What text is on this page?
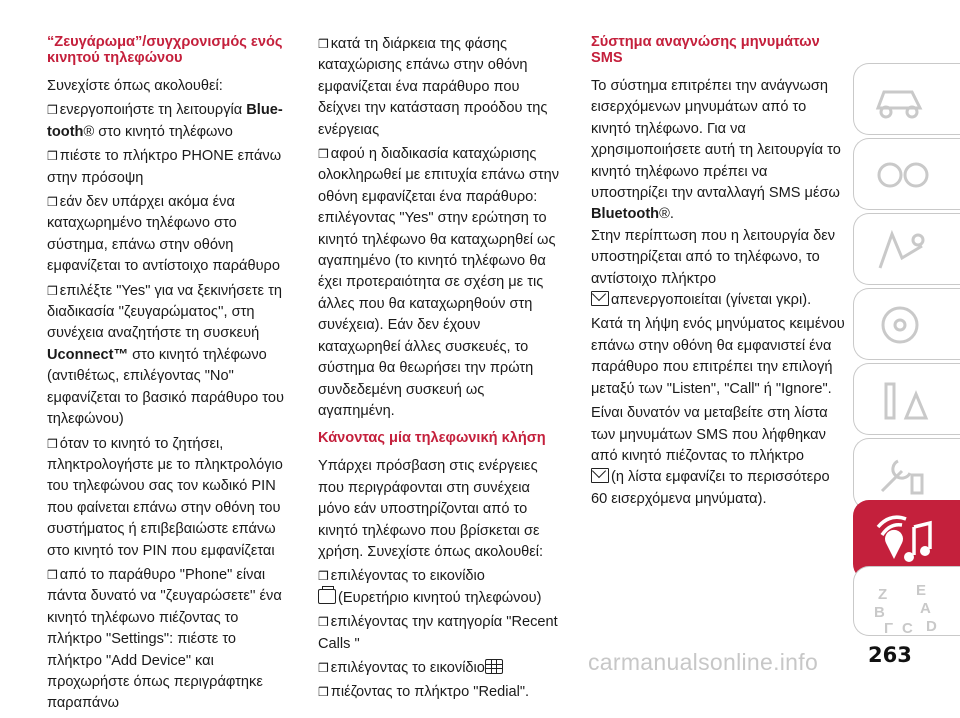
“Ζευγάρωμα”/συγχρονισμός ενός κινητού τηλεφώνου

Συνεχίστε όπως ακολουθεί:

❒ ενεργοποιήστε τη λειτουργία Blue-tooth® στο κινητό τηλέφωνο

❒ πιέστε το πλήκτρο PHONE επάνω στην πρόσοψη

❒ εάν δεν υπάρχει ακόμα ένα καταχωρημένο τηλέφωνο στο σύστημα, επάνω στην οθόνη εμφανίζεται το αντίστοιχο παράθυρο

❒ επιλέξτε "Yes" για να ξεκινήσετε τη διαδικασία ''ζευγαρώματος'', στη συνέχεια αναζητήστε τη συσκευή
Uconnect™ στο κινητό τηλέφωνο (αντιθέτως, επιλέγοντας "No" εμφανίζεται το βασικό παράθυρο του τηλεφώνου)

❒ όταν το κινητό το ζητήσει, πληκτρολογήστε με το πληκτρολόγιο του τηλεφώνου σας τον κωδικό PIN που φαίνεται επάνω στην οθόνη του συστήματος ή επιβεβαιώστε επάνω στο κινητό τον PIN που εμφανίζεται

❒ από το παράθυρο "Phone" είναι πάντα δυνατό να ''ζευγαρώσετε'' ένα κινητό τηλέφωνο πιέζοντας το πλήκτρο "Settings": πιέστε το πλήκτρο "Add Device" και προχωρήστε όπως περιγράφτηκε παραπάνω

❒ κατά τη διάρκεια της φάσης καταχώρισης επάνω στην οθόνη εμφανίζεται ένα παράθυρο που δείχνει την κατάσταση προόδου της ενέργειας

❒ αφού η διαδικασία καταχώρισης ολοκληρωθεί με επιτυχία επάνω στην οθόνη εμφανίζεται ένα παράθυρο: επιλέγοντας "Yes" στην ερώτηση το κινητό τηλέφωνο θα καταχωρηθεί ως αγαπημένο (το κινητό τηλέφωνο θα έχει προτεραιότητα σε σχέση με τις άλλες που θα καταχωρηθούν στη συνέχεια). Εάν δεν έχουν καταχωρηθεί άλλες συσκευές, το σύστημα θα θεωρήσει την πρώτη συνδεδεμένη συσκευή ως αγαπημένη.

Κάνοντας μία τηλεφωνική κλήση

Υπάρχει πρόσβαση στις ενέργειες που περιγράφονται στη συνέχεια μόνο εάν υποστηρίζονται από το κινητό τηλέφωνο που βρίσκεται σε χρήση. Συνεχίστε όπως ακολουθεί:

❒ επιλέγοντας το εικονίδιο
(Ευρετήριο κινητού τηλεφώνου)

❒ επιλέγοντας την κατηγορία "Recent Calls "

❒ επιλέγοντας το εικονίδιο

❒ πιέζοντας το πλήκτρο "Redial".

Σύστημα αναγνώσης μηνυμάτων SMS

Το σύστημα επιτρέπει την ανάγνωση εισερχόμενων μηνυμάτων από το κινητό τηλέφωνο. Για να χρησιμοποιήσετε αυτή τη λειτουργία το κινητό τηλέφωνο πρέπει να υποστηρίζει την ανταλλαγή SMS μέσω
Bluetooth®.
Στην περίπτωση που η λειτουργία δεν υποστηρίζεται από το τηλέφωνο, το αντίστοιχο πλήκτρο
απενεργοποιείται (γίνεται γκρι).

Κατά τη λήψη ενός μηνύματος κειμένου επάνω στην οθόνη θα εμφανιστεί ένα παράθυρο που επιτρέπει την επιλογή μεταξύ των "Listen", "Call" ή "Ignore".

Είναι δυνατόν να μεταβείτε στη λίστα των μηνυμάτων SMS που λήφθηκαν από κινητό πιέζοντας το πλήκτρο
(η λίστα εμφανίζει το περισσότερο 60 εισερχόμενα μηνύματα).

Z E
B A
Γ D
C
carmanualsonline.info 263
